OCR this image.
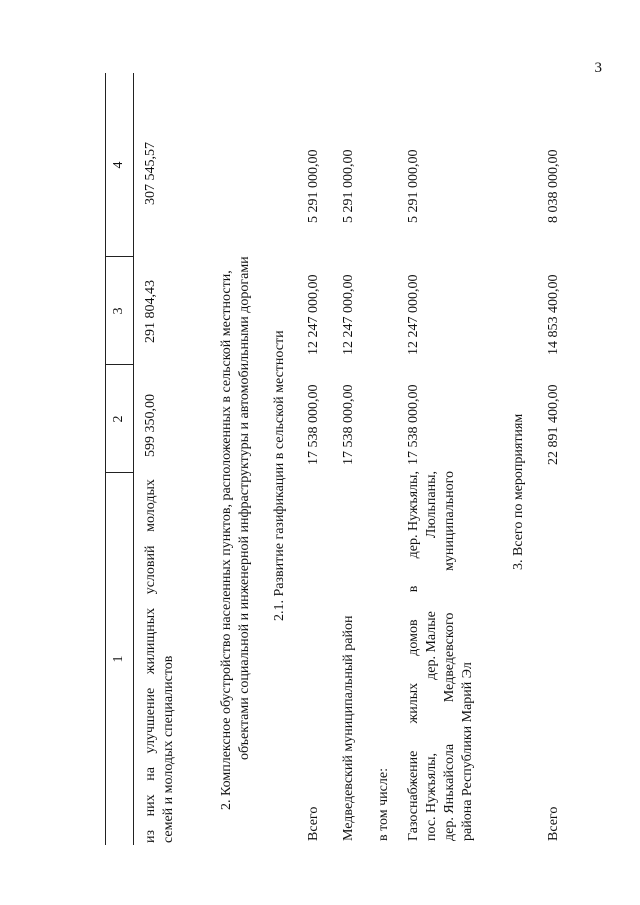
3
1
2
3
4
из
них
на
улучшение
жилищных
условий
молодых
семей и молодых специалистов
599 350,00
291 804,43
307 545,57
2. Комплексное обустройство населенных пунктов, расположенных в сельской местности, объектами социальной и инженерной инфраструктуры и автомобильными дорогами 2.1. Развитие газификации в сельской местности
Всего
17 538 000,00
12 247 000,00
5 291 000,00
Медведевский муниципальный район
17 538 000,00
12 247 000,00
5 291 000,00
в том числе: Газоснабжение
жилых
домов
в
дер. Нужъялы,
пос. Нужъялы,
дер. Малые
Люльпаны,
дер. Янькайсола
Медведевского
муниципального
района Республики Марий Эл
17 538 000,00
12 247 000,00
5 291 000,00
3. Всего по мероприятиям
Всего
22 891 400,00
14 853 400,00
8 038 000,00
